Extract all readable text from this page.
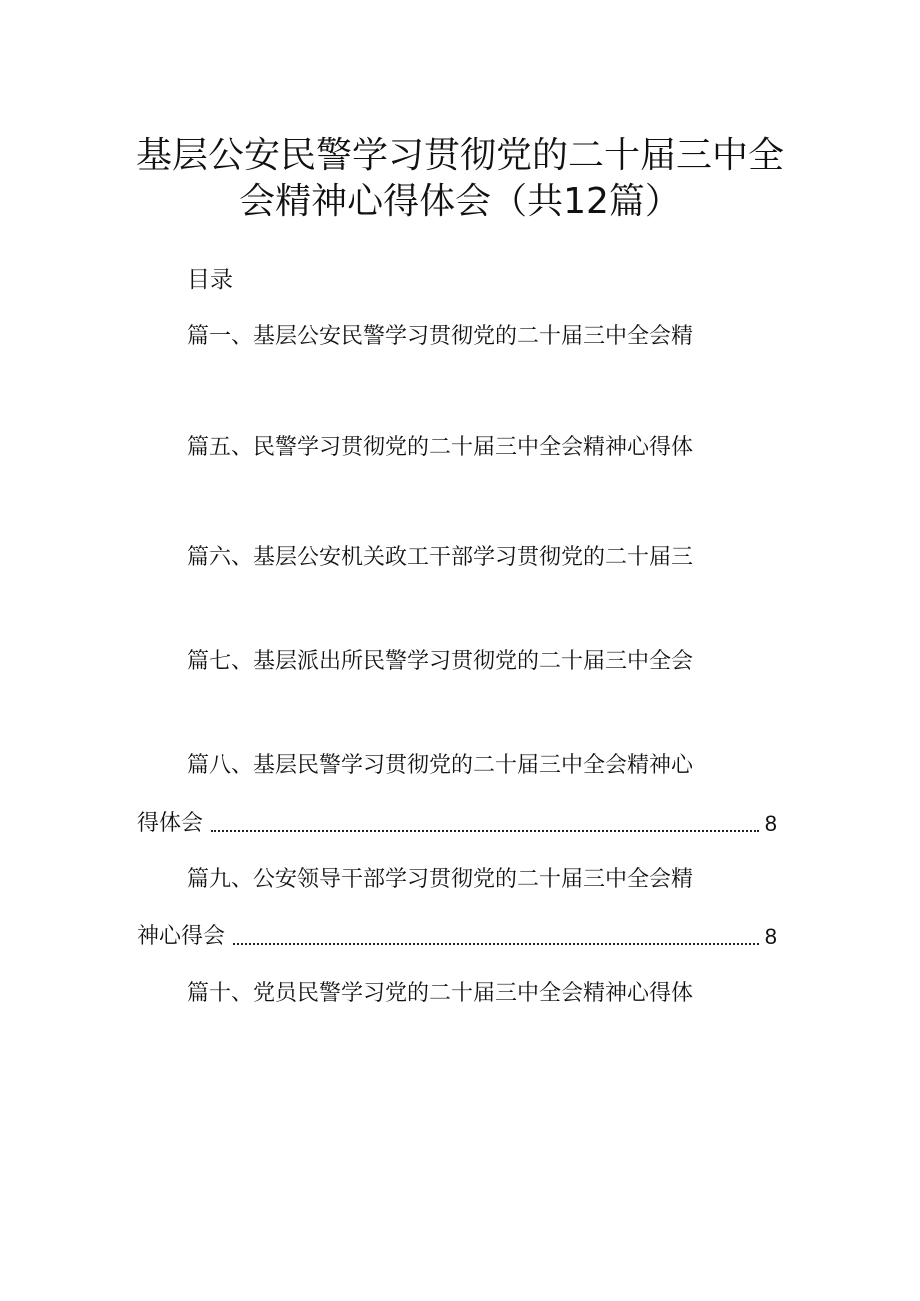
基层公安民警学习贯彻党的二十届三中全
会精神心得体会（共12篇）
目录
篇一、基层公安民警学习贯彻党的二十届三中全会精
篇五、民警学习贯彻党的二十届三中全会精神心得体
篇六、基层公安机关政工干部学习贯彻党的二十届三
篇七、基层派出所民警学习贯彻党的二十届三中全会
篇八、基层民警学习贯彻党的二十届三中全会精神心
得体会	8
篇九、公安领导干部学习贯彻党的二十届三中全会精
神心得会	8
篇十、党员民警学习党的二十届三中全会精神心得体
